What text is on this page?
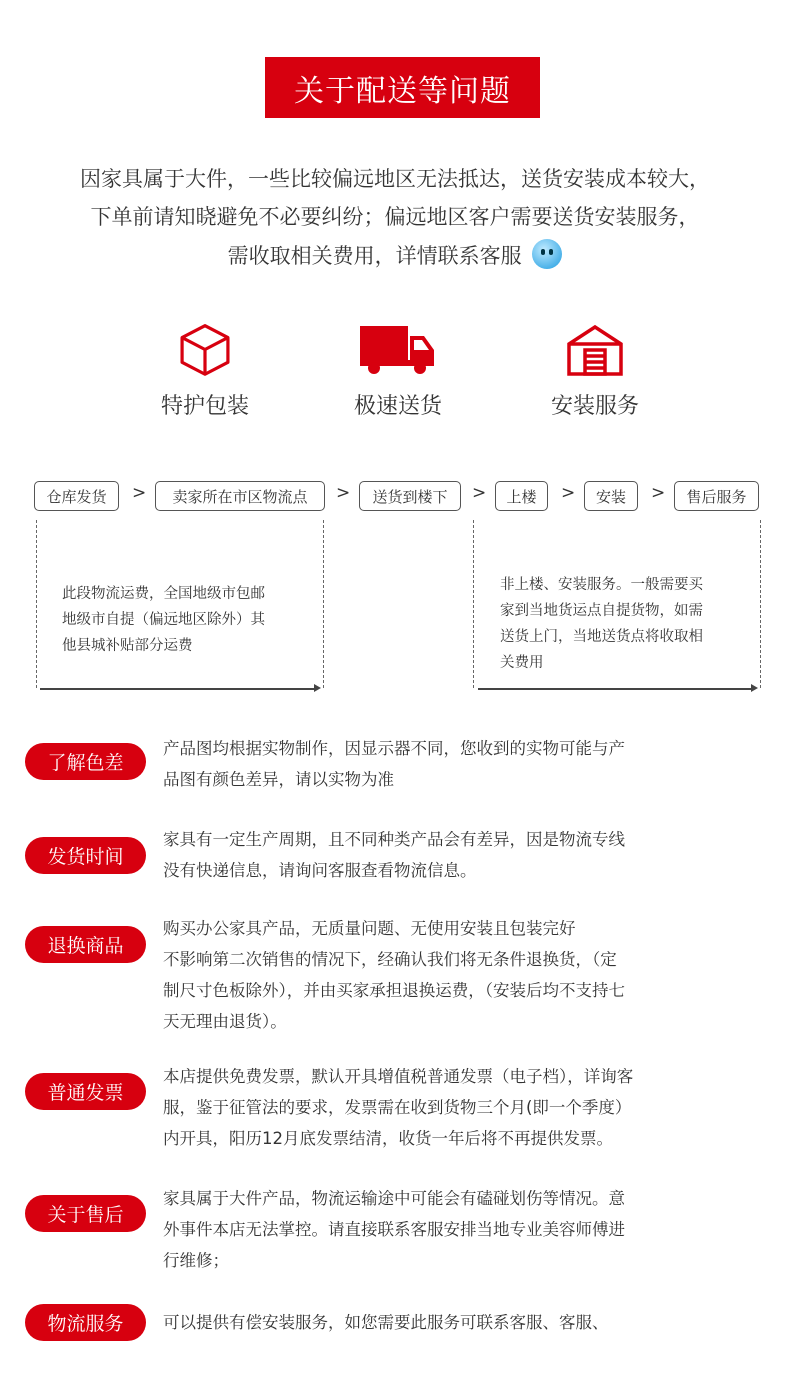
关于配送等问题
因家具属于大件，一些比较偏远地区无法抵达，送货安装成本较大，
下单前请知晓避免不必要纠纷；偏远地区客户需要送货安装服务，
需收取相关费用，详情联系客服
特护包装	极速送货	安装服务
仓库发货	>	卖家所在市区物流点	>	送货到楼下	>	上楼	>	安装	>	售后服务
此段物流运费，全国地级市包邮
地级市自提（偏远地区除外）其
他县城补贴部分运费
非上楼、安装服务。一般需要买
家到当地货运点自提货物，如需
送货上门，当地送货点将收取相
关费用
了解色差
产品图均根据实物制作，因显示器不同，您收到的实物可能与产
品图有颜色差异，请以实物为准
发货时间
家具有一定生产周期，且不同种类产品会有差异，因是物流专线
没有快递信息，请询问客服查看物流信息。
退换商品
购买办公家具产品，无质量问题、无使用安装且包装完好
不影响第二次销售的情况下，经确认我们将无条件退换货，（定
制尺寸色板除外），并由买家承担退换运费，（安装后均不支持七
天无理由退货）。
普通发票
本店提供免费发票，默认开具增值税普通发票（电子档），详询客
服，鉴于征管法的要求，发票需在收到货物三个月(即一个季度）
内开具，阳历12月底发票结清，收货一年后将不再提供发票。
关于售后
家具属于大件产品，物流运输途中可能会有磕碰划伤等情况。意
外事件本店无法掌控。请直接联系客服安排当地专业美容师傅进
行维修；
物流服务	可以提供有偿安装服务，如您需要此服务可联系客服、客服、
